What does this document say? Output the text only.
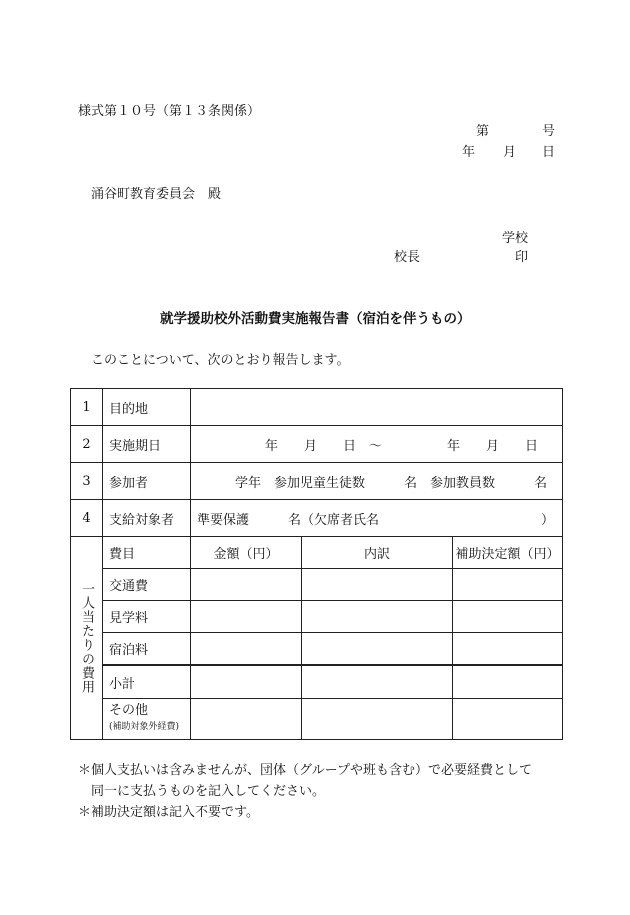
様式第１０号（第１３条関係）
第	号
年 月 日
涌谷町教育委員会　殿
学校
校長	印
就学援助校外活動費実施報告書（宿泊を伴うもの）
このことについて、次のとおり報告します。
1	目的地			
2	実施期日	年　　月　　日　～　　　　　年　　月　　日		
3	参加者	学年　参加児童生徒数　　　名　参加教員数　　　名		
4	支給対象者	準要保護　　　名（欠席者氏名 ）		

一人当たりの費用	費目	金額（円）	内訳	補助決定額（円）
	交通費			
	見学料			
	宿泊料			
	小計			
	その他
(補助対象外経費)			

＊個人支払いは含みませんが、団体（グループや班も含む）で必要経費として
　同一に支払うものを記入してください。
＊補助決定額は記入不要です。
